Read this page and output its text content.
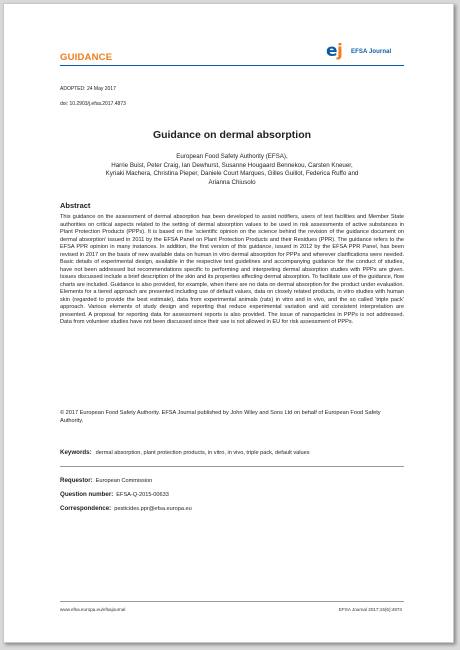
GUIDANCE	e j EFSA Journal
ADOPTED: 24 May 2017
doi: 10.2903/j.efsa.2017.4873
Guidance on dermal absorption
European Food Safety Authority (EFSA),
Harrie Buist, Peter Craig, Ian Dewhurst, Susanne Hougaard Bennekou, Carsten Kneuer,
Kyriaki Machera, Christina Pieper, Daniele Court Marques, Gilles Guillot, Federica Ruffo and
Arianna Chiusolo
Abstract
This guidance on the assessment of dermal absorption has been developed to assist notifiers, users of test facilities and Member State authorities on critical aspects related to the setting of dermal absorption values to be used in risk assessments of active substances in Plant Protection Products (PPPs). It is based on the ‘scientific opinion on the science behind the revision of the guidance document on dermal absorption’ issued in 2011 by the EFSA Panel on Plant Protection Products and their Residues (PPR). The guidance refers to the EFSA PPR opinion in many instances. In addition, the first version of this guidance, issued in 2012 by the EFSA PPR Panel, has been revised in 2017 on the basis of new available data on human in vitro dermal absorption for PPPs and wherever clarifications were needed. Basic details of experimental design, available in the respective test guidelines and accompanying guidance for the conduct of studies, have not been addressed but recommendations specific to performing and interpreting dermal absorption studies with PPPs are given. Issues discussed include a brief description of the skin and its properties affecting dermal absorption. To facilitate use of the guidance, flow charts are included. Guidance is also provided, for example, when there are no data on dermal absorption for the product under evaluation. Elements for a tiered approach are presented including use of default values, data on closely related products, in vitro studies with human skin (regarded to provide the best estimate), data from experimental animals (rats) in vitro and in vivo, and the so called ‘triple pack’ approach. Various elements of study design and reporting that reduce experimental variation and aid consistent interpretation are presented. A proposal for reporting data for assessment reports is also provided. The issue of nanoparticles in PPPs is not addressed. Data from volunteer studies have not been discussed since their use is not allowed in EU for risk assessment of PPPs.
© 2017 European Food Safety Authority. EFSA Journal published by John Wiley and Sons Ltd on behalf of European Food Safety Authority.
Keywords: dermal absorption, plant protection products, in vitro, in vivo, triple pack, default values
Requestor: European Commission
Question number: EFSA-Q-2015-00633
Correspondence: pesticides.ppr@efsa.europa.eu
www.efsa.europa.eu/efsajournal	EFSA Journal 2017;15(6):4873
